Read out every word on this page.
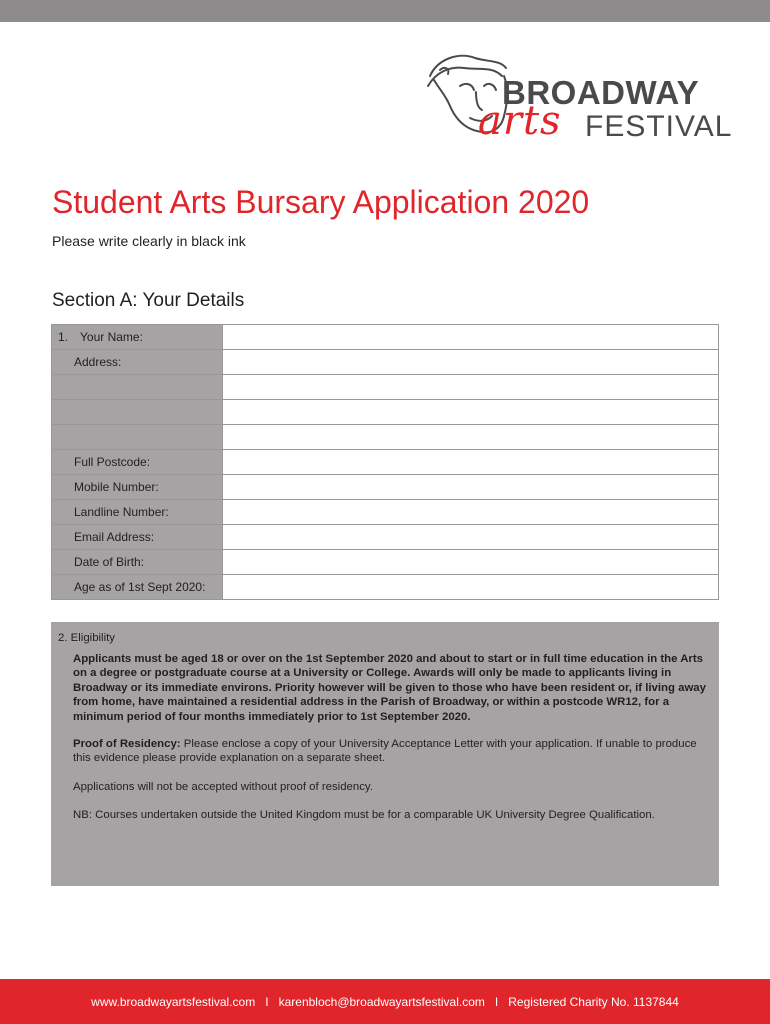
BROADWAY
arts FESTIVAL
Student Arts Bursary Application 2020
Please write clearly in black ink
Section A: Your Details
1. Your Name:	
Address:	

Full Postcode:	
Mobile Number:	
Landline Number:	
Email Address:	
Date of Birth:	
Age as of 1st Sept 2020:	
2. Eligibility

Applicants must be aged 18 or over on the 1st September 2020 and about to start or in full time education in the Arts on a degree or postgraduate course at a University or College. Awards will only be made to applicants living in Broadway or its immediate environs. Priority however will be given to those who have been resident or, if living away from home, have maintained a residential address in the Parish of Broadway, or within a postcode WR12, for a minimum period of four months immediately prior to 1st September 2020.

Proof of Residency: Please enclose a copy of your University Acceptance Letter with your application. If unable to produce this evidence please provide explanation on a separate sheet.

Applications will not be accepted without proof of residency.

NB: Courses undertaken outside the United Kingdom must be for a comparable UK University Degree Qualification.

www.broadwayartsfestival.com
I
karenbloch@broadwayartsfestival.com
I
Registered Charity No. 1137844
